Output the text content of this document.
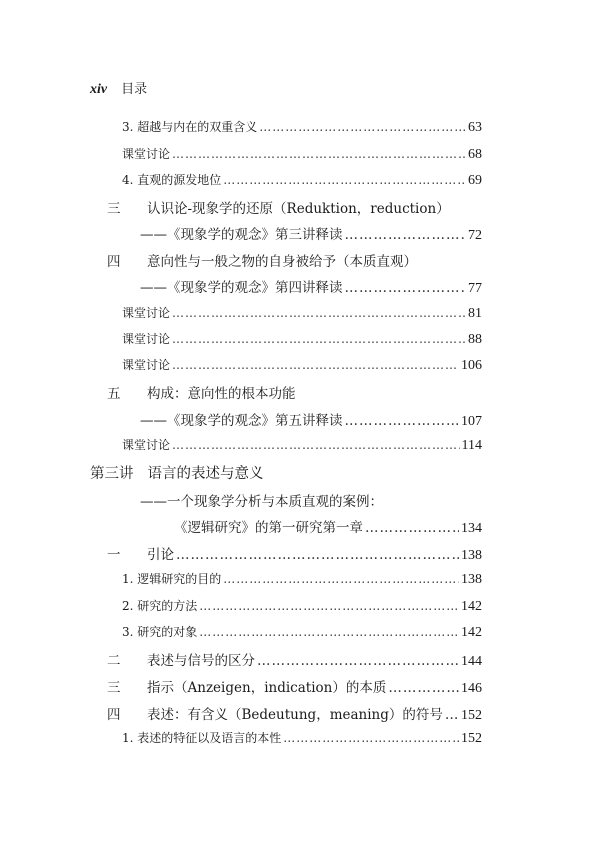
xiv 目录
3. 超越与内在的双重含义 ……………………………………………………………………………………………………………………………………………………………………………………………	63
课堂讨论 ……………………………………………………………………………………………………………………………………………………………………………………………	68
4. 直观的源发地位 ……………………………………………………………………………………………………………………………………………………………………………………………	69
三	认识论-现象学的还原（Reduktion，reduction）
——《现象学的观念》第三讲释读 ……………………………………………………………………………………………………………………………………………………………………………………………	72
四	意向性与一般之物的自身被给予（本质直观）
——《现象学的观念》第四讲释读 ……………………………………………………………………………………………………………………………………………………………………………………………	77
课堂讨论 ……………………………………………………………………………………………………………………………………………………………………………………………	81
课堂讨论 ……………………………………………………………………………………………………………………………………………………………………………………………	88
课堂讨论 ……………………………………………………………………………………………………………………………………………………………………………………………	106
五	构成：意向性的根本功能
——《现象学的观念》第五讲释读 ……………………………………………………………………………………………………………………………………………………………………………………………	107
课堂讨论 ……………………………………………………………………………………………………………………………………………………………………………………………	114
第三讲 语言的表述与意义
——一个现象学分析与本质直观的案例：
《逻辑研究》的第一研究第一章 ……………………………………………………………………………………………………………………………………………………………………………………………	134
一	引论 ……………………………………………………………………………………………………………………………………………………………………………………………	138
1. 逻辑研究的目的 ……………………………………………………………………………………………………………………………………………………………………………………………	138
2. 研究的方法 ……………………………………………………………………………………………………………………………………………………………………………………………	142
3. 研究的对象 ……………………………………………………………………………………………………………………………………………………………………………………………	142
二	表述与信号的区分 ……………………………………………………………………………………………………………………………………………………………………………………………	144
三	指示（Anzeigen，indication）的本质 ……………………………………………………………………………………………………………………………………………………………………………………………	146
四	表述：有含义（Bedeutung，meaning）的符号 …………………………………………………………………………………………………………………………………………………………………………………………… 152
1. 表述的特征以及语言的本性 ……………………………………………………………………………………………………………………………………………………………………………………………	152
